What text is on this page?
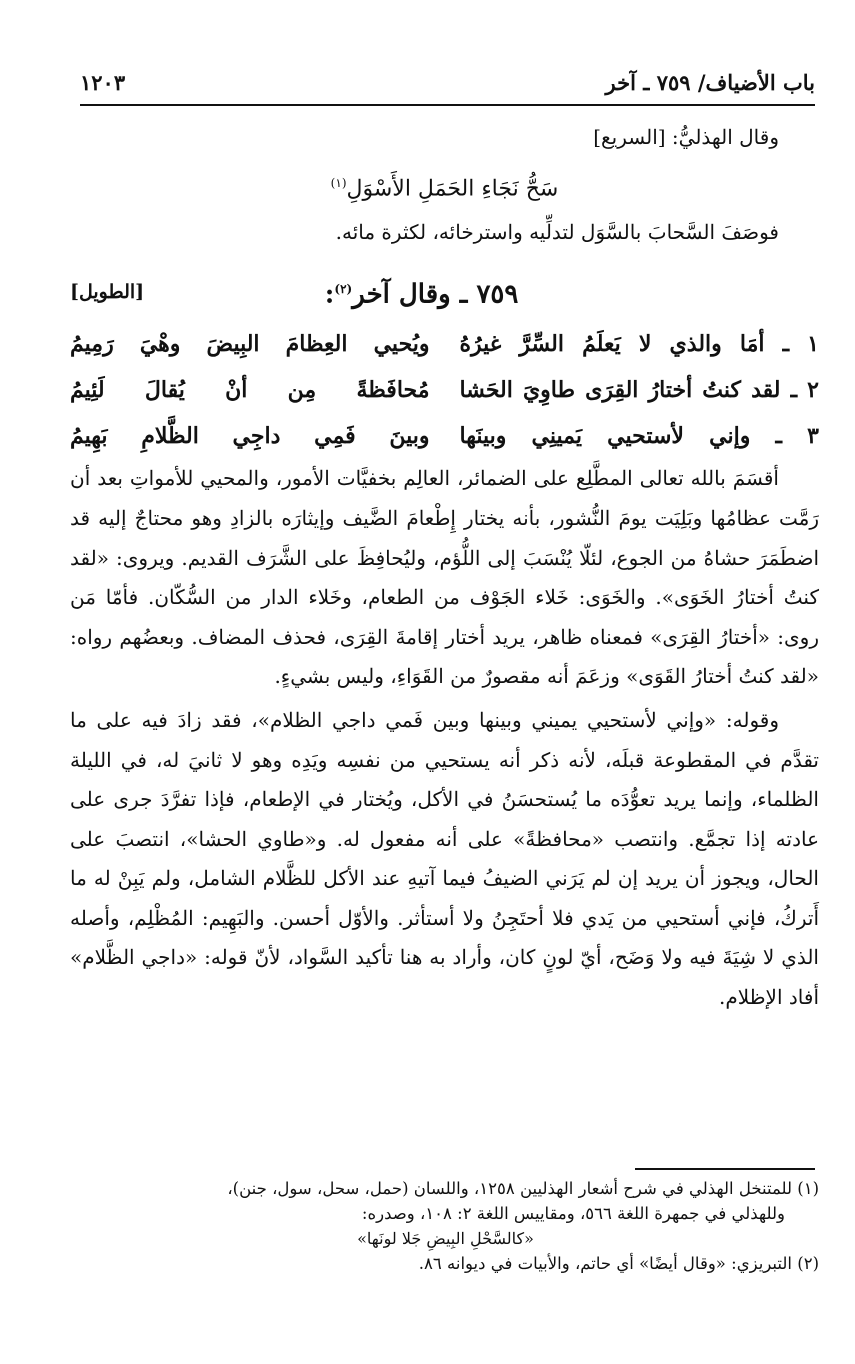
باب الأضياف/ ٧٥٩ ـ آخر
١٢٠٣

وقال الهذليُّ: [السريع]

سَحُّ نَجَاءِ الحَمَلِ الأَسْوَلِ$^{(١)}$

فوصَفَ السَّحابَ بالسَّوَل لتدلِّيه واسترخائه، لكثرة مائه.

٧٥٩ ـ وقال آخر$^{(٢)}$:
[الطويل]
١ ـ أمَا والذي لا يَعلَمُ السِّرَّ غيرُهُ
ويُحيي العِظامَ البِيضَ وهْيَ رَمِيمُ
٢ ـ لقد كنتُ أختارُ القِرَى طاوِيَ الحَشا
مُحافَظةً مِن أنْ يُقالَ لَئِيمُ
٣ ـ وإني لأستحيي يَمينِي وبينَها
وبينَ فَمِي داجِي الظَّلامِ بَهِيمُ

أقسَمَ بالله تعالى المطَّلِع على الضمائر، العالِم بخفيَّات الأمور، والمحيي للأمواتِ بعد أن رَمَّت عظامُها وبَلِيَت يومَ النُّشور، بأنه يختار إِطْعامَ الضَّيف وإيثارَه بالزادِ وهو محتاجٌ إليه قد اضطَمَرَ حشاهُ من الجوع، لئلّا يُنْسَبَ إلى اللُّؤم، وليُحافِظَ على الشَّرَف القديم. ويروى: «لقد كنتُ أختارُ الخَوَى». والخَوَى: خَلاء الجَوْف من الطعام، وخَلاء الدار من السُّكّان. فأمّا مَن روى: «أختارُ القِرَى» فمعناه ظاهر، يريد أختار إقامةَ القِرَى، فحذف المضاف. وبعضُهم رواه: «لقد كنتُ أختارُ القَوَى» وزعَمَ أنه مقصورٌ من القَوَاءِ، وليس بشيءٍ.

وقوله: «وإني لأستحيي يميني وبينها وبين فَمي داجي الظلام»، فقد زادَ فيه على ما تقدَّم في المقطوعة قبلَه، لأنه ذكر أنه يستحيي من نفسِه ويَدِه وهو لا ثانيَ له، في الليلة الظلماء، وإنما يريد تعوُّدَه ما يُستحسَنُ في الأكل، ويُختار في الإطعام، فإذا تفرَّدَ جرى على عادته إذا تجمَّع. وانتصب «محافظةً» على أنه مفعول له. و«طاوي الحشا»، انتصبَ على الحال، ويجوز أن يريد إن لم يَرَني الضيفُ فيما آتيهِ عند الأكل للظَّلام الشامل، ولم يَبِنْ له ما أَتركُ، فإني أستحيي من يَدي فلا أحتَجِنُ ولا أستأثر. والأوّل أحسن. والبَهِيم: المُظْلِم، وأصله الذي لا شِيَةَ فيه ولا وَضَح، أيّ لونٍ كان، وأراد به هنا تأكيد السَّواد، لأنّ قوله: «داجي الظَّلام» أفاد الإظلام.

(١) للمتنخل الهذلي في شرح أشعار الهذليين ١٢٥٨، واللسان (حمل، سحل، سول، جنن)،

وللهذلي في جمهرة اللغة ٥٦٦، ومقاييس اللغة ٢: ١٠٨، وصدره:

«كالسَّحْلِ البِيضِ جَلا لونَها»

(٢) التبريزي: «وقال أيضًا» أي حاتم، والأبيات في ديوانه ٨٦.
